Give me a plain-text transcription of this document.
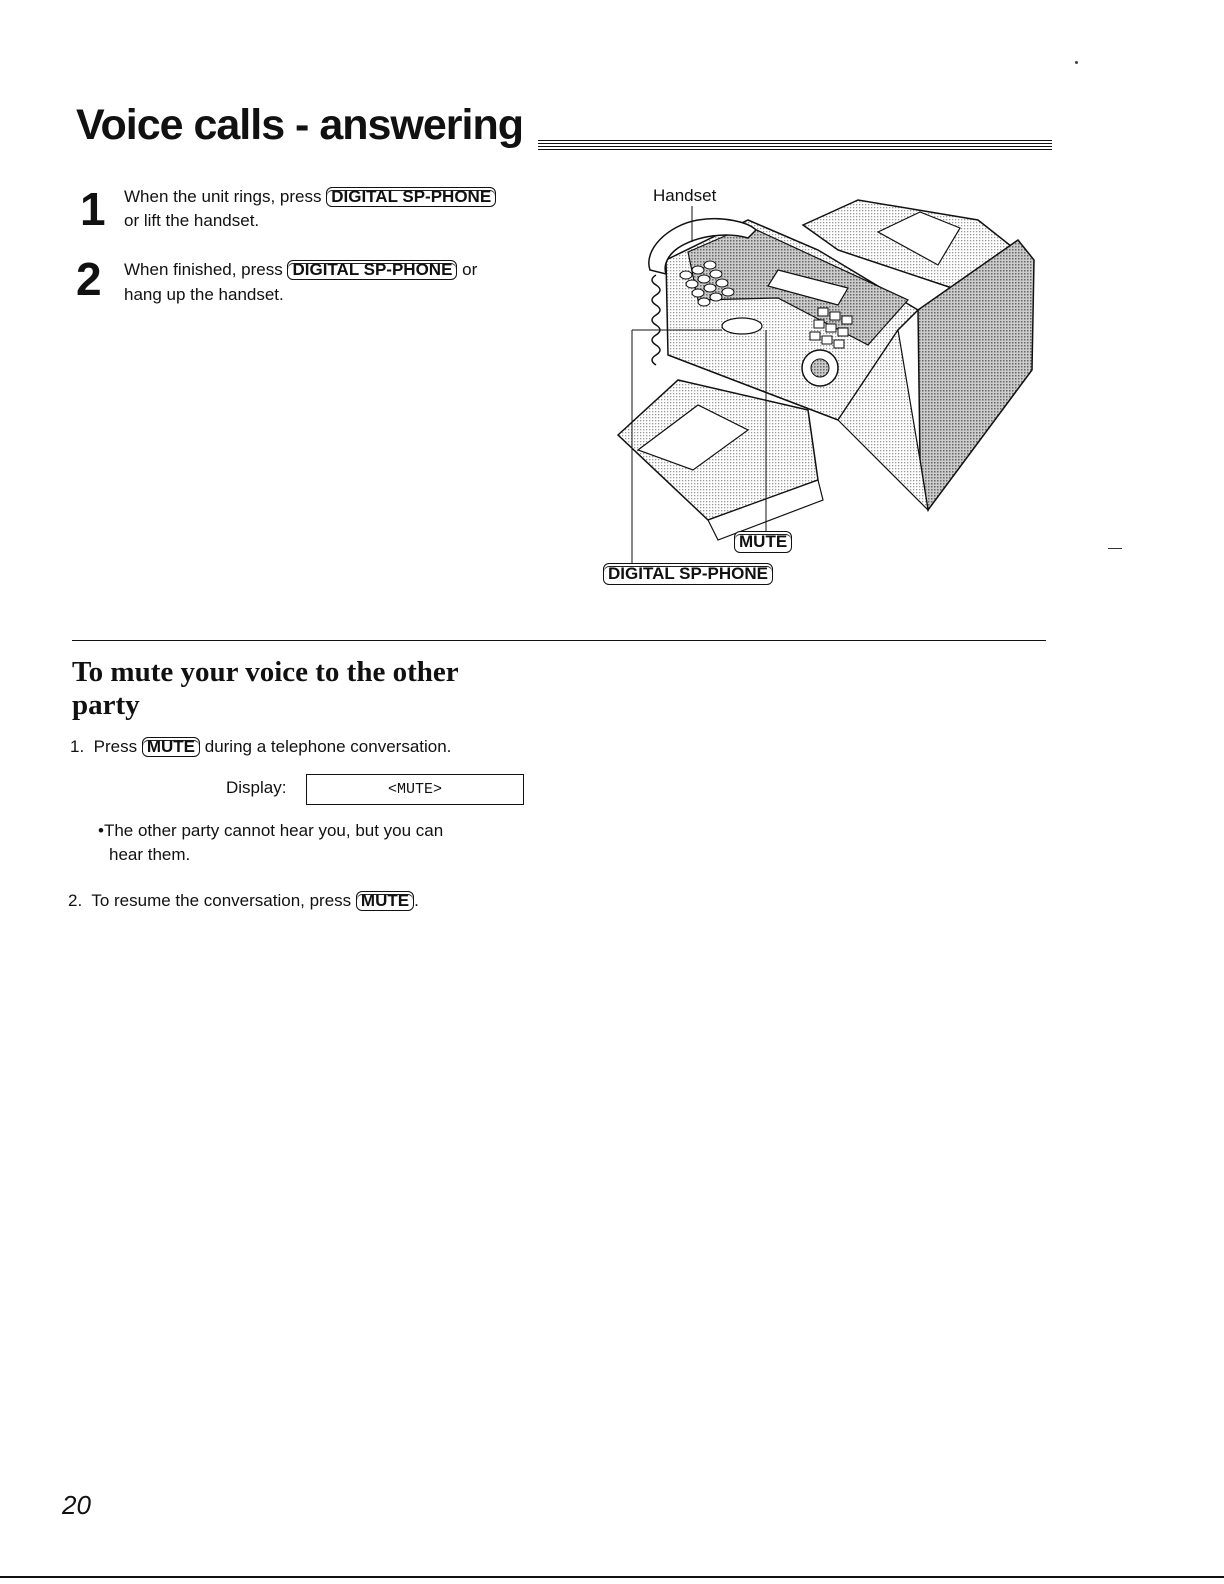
Voice calls - answering
1 When the unit rings, press DIGITAL SP-PHONE
or lift the handset.
2 When finished, press DIGITAL SP-PHONE or
hang up the handset.
Handset
MUTE
DIGITAL SP-PHONE
To mute your voice to the other party
1.  Press MUTE during a telephone conversation.
Display:	<MUTE>
•The other party cannot hear you, but you can
hear them.
2.  To resume the conversation, press MUTE .
20
